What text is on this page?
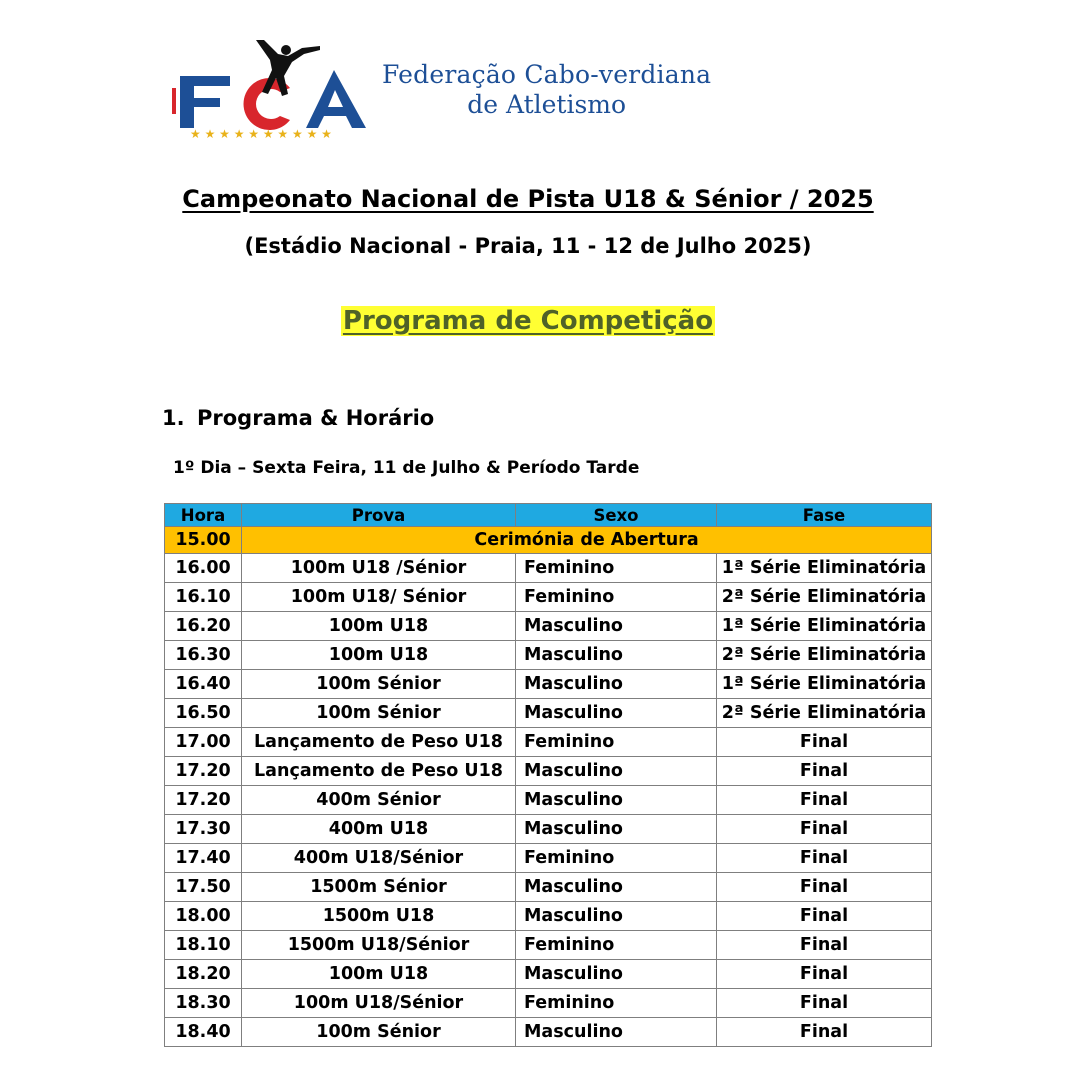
★ ★ ★ ★ ★ ★ ★ ★ ★ ★
Federação Cabo-verdiana
de Atletismo
Campeonato Nacional de Pista U18 & Sénior / 2025
(Estádio Nacional - Praia, 11 - 12 de Julho 2025)
Programa de Competição
1. Programa & Horário
1º Dia – Sexta Feira, 11 de Julho & Período Tarde
Hora	Prova	Sexo	Fase
15.00	Cerimónia de Abertura		
16.00	100m U18 /Sénior	Feminino	1ª Série Eliminatória
16.10	100m U18/ Sénior	Feminino	2ª Série Eliminatória
16.20	100m U18	Masculino	1ª Série Eliminatória
16.30	100m U18	Masculino	2ª Série Eliminatória
16.40	100m Sénior	Masculino	1ª Série Eliminatória
16.50	100m Sénior	Masculino	2ª Série Eliminatória
17.00	Lançamento de Peso U18	Feminino	Final
17.20	Lançamento de Peso U18	Masculino	Final
17.20	400m Sénior	Masculino	Final
17.30	400m U18	Masculino	Final
17.40	400m U18/Sénior	Feminino	Final
17.50	1500m Sénior	Masculino	Final
18.00	1500m U18	Masculino	Final
18.10	1500m U18/Sénior	Feminino	Final
18.20	100m U18	Masculino	Final
18.30	100m U18/Sénior	Feminino	Final
18.40	100m Sénior	Masculino	Final
